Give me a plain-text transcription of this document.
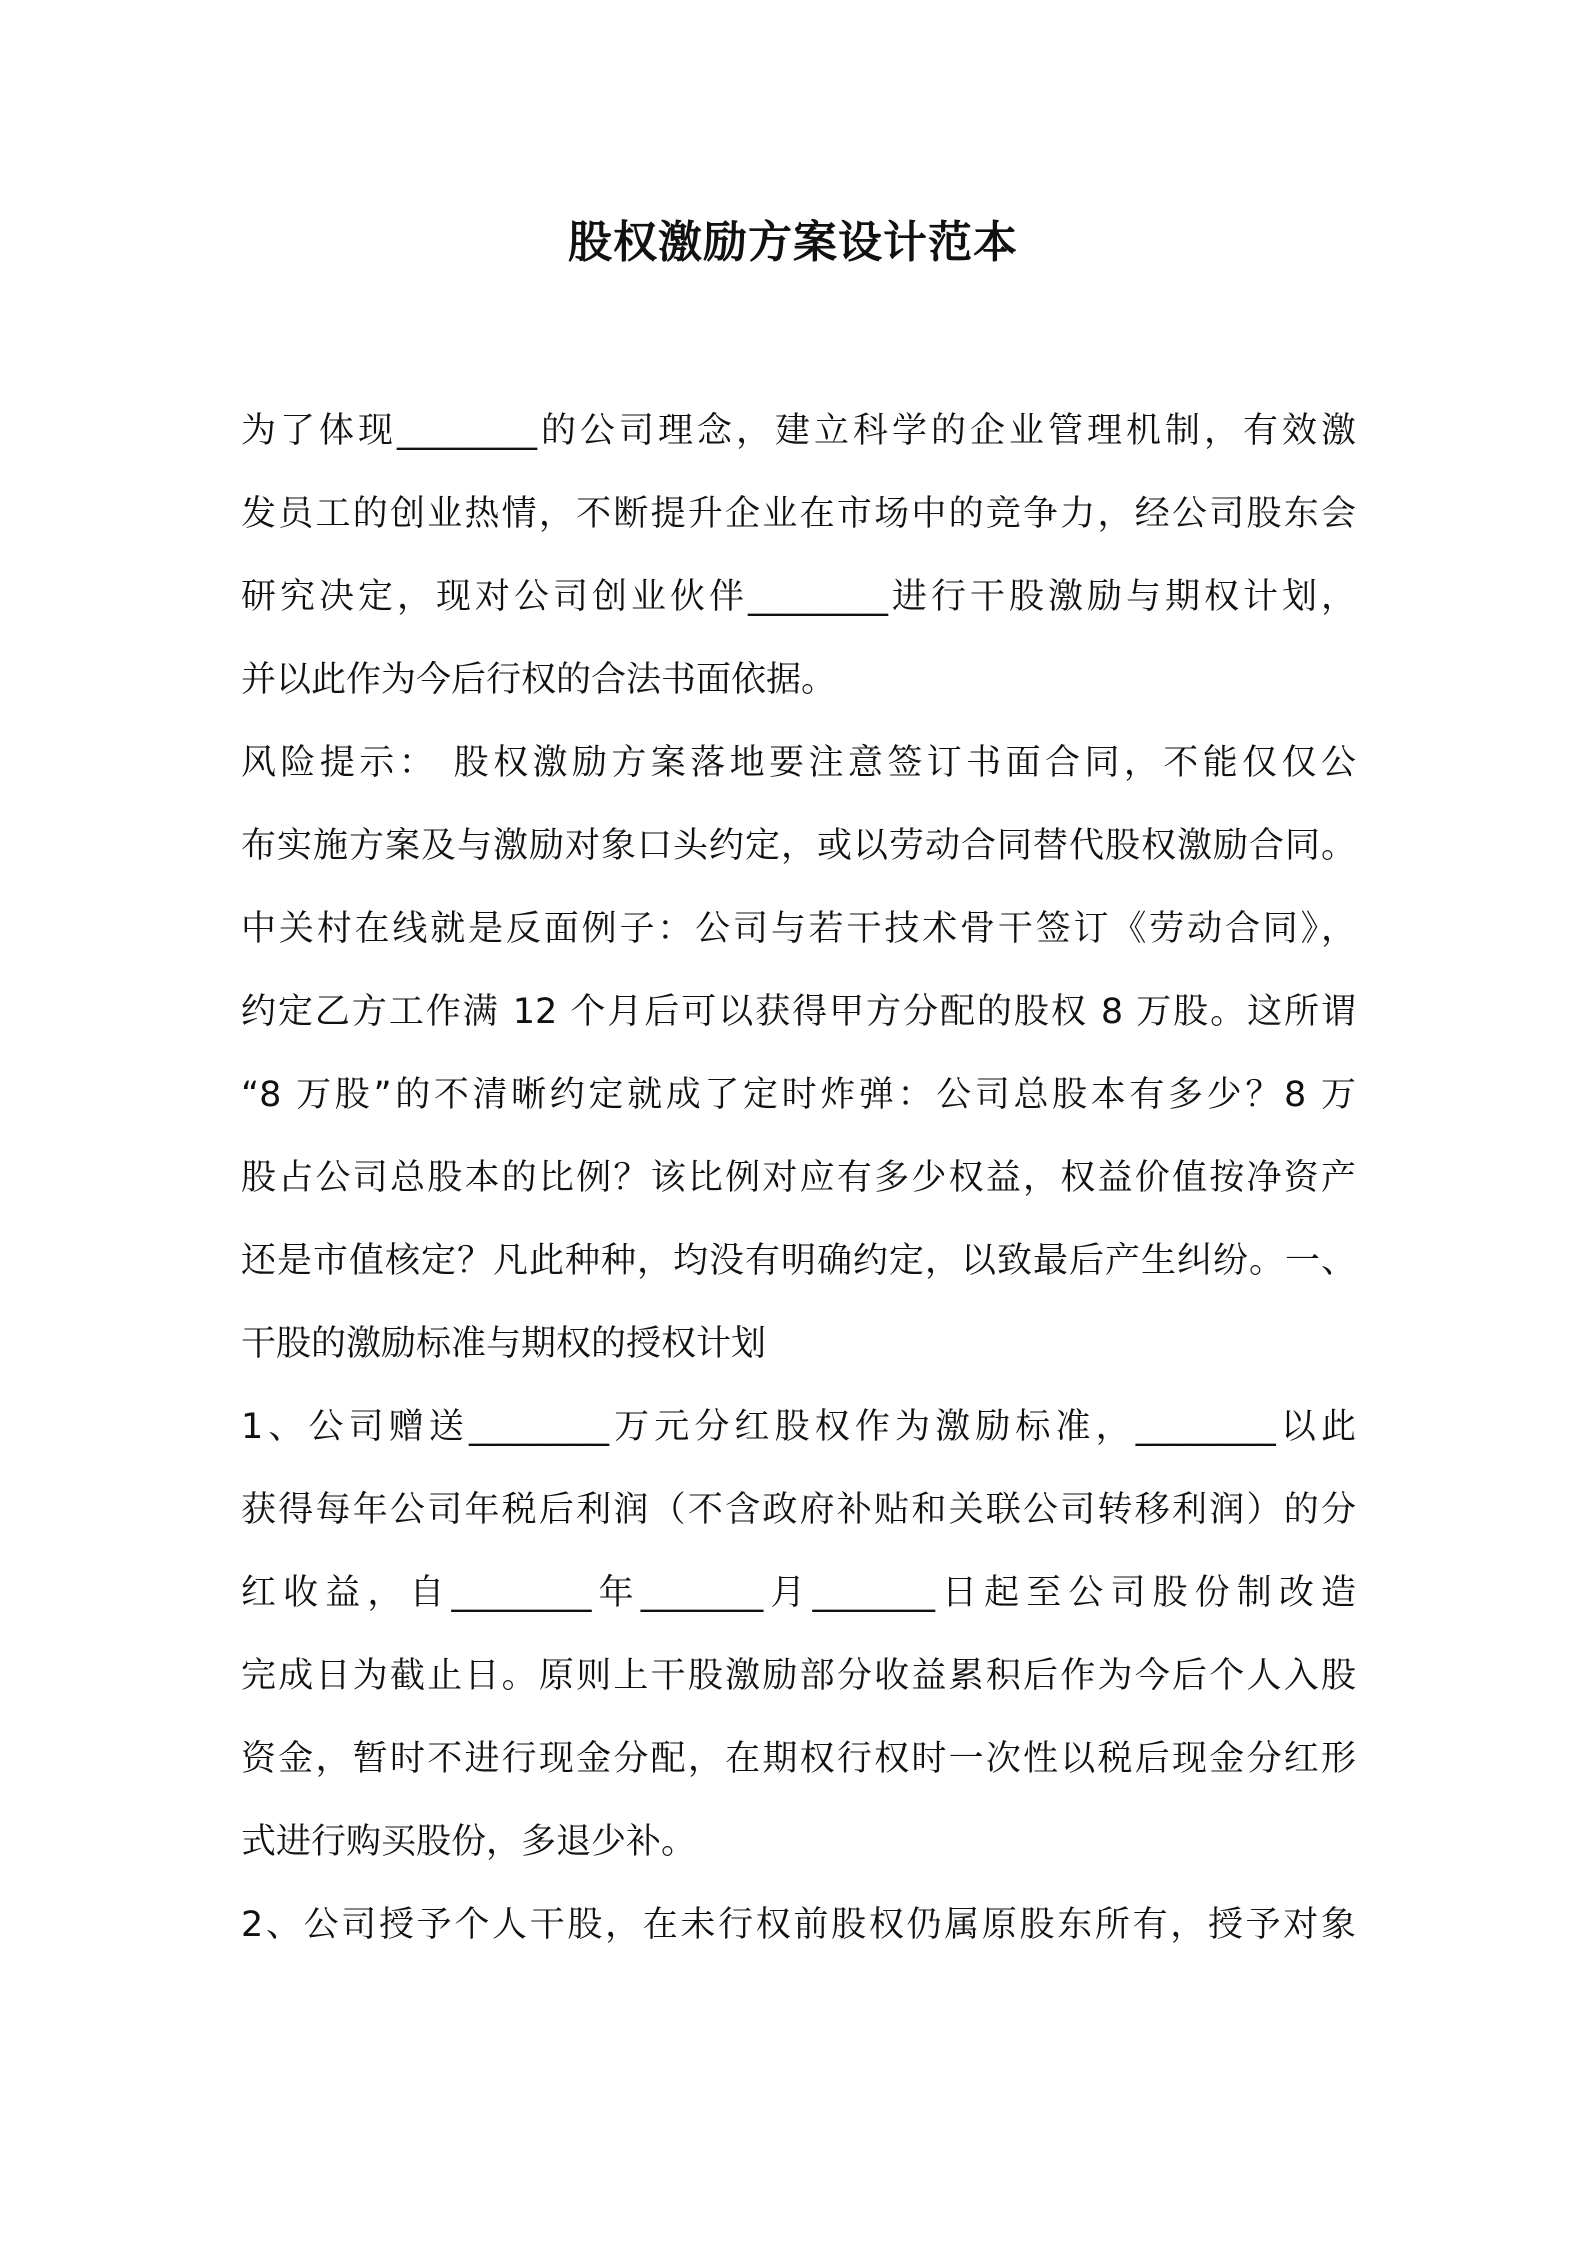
股权激励方案设计范本

为了体现________的公司理念，建立科学的企业管理机制，有效激

发员工的创业热情，不断提升企业在市场中的竞争力，经公司股东会

研究决定，现对公司创业伙伴________进行干股激励与期权计划，

并以此作为今后行权的合法书面依据。

风险提示： 股权激励方案落地要注意签订书面合同，不能仅仅公

布实施方案及与激励对象口头约定，或以劳动合同替代股权激励合同。

中关村在线就是反面例子：公司与若干技术骨干签订《劳动合同》，

约定乙方工作满 12 个月后可以获得甲方分配的股权 8 万股。这所谓

“8 万股”的不清晰约定就成了定时炸弹：公司总股本有多少？8 万

股占公司总股本的比例？该比例对应有多少权益，权益价值按净资产

还是市值核定？凡此种种，均没有明确约定，以致最后产生纠纷。一、

干股的激励标准与期权的授权计划

1、公司赠送________万元分红股权作为激励标准，________以此

获得每年公司年税后利润（不含政府补贴和关联公司转移利润）的分

红收益，自________年_______月_______日起至公司股份制改造

完成日为截止日。原则上干股激励部分收益累积后作为今后个人入股

资金，暂时不进行现金分配，在期权行权时一次性以税后现金分红形

式进行购买股份，多退少补。

2、公司授予个人干股，在未行权前股权仍属原股东所有，授予对象
